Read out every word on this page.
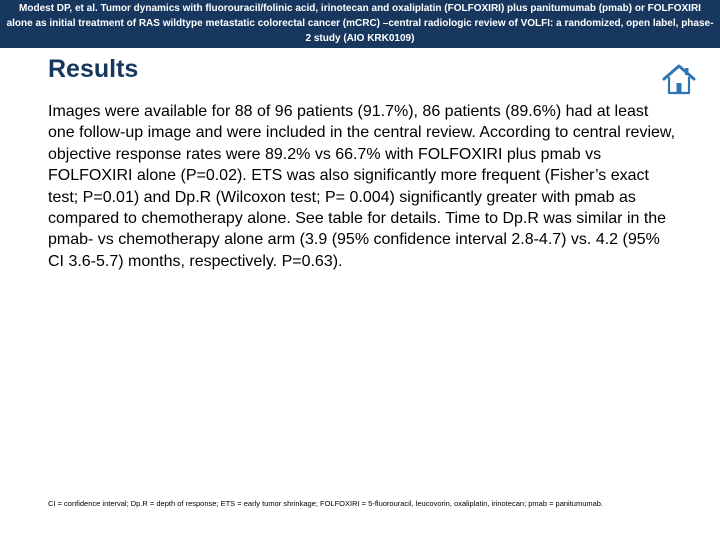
Modest DP, et al. Tumor dynamics with fluorouracil/folinic acid, irinotecan and oxaliplatin (FOLFOXIRI) plus panitumumab (pmab) or FOLFOXIRI alone as initial treatment of RAS wildtype metastatic colorectal cancer (mCRC) –central radiologic review of VOLFI: a randomized, open label, phase-2 study (AIO KRK0109)
Results

Images were available for 88 of 96 patients (91.7%), 86 patients (89.6%) had at least one follow-up image and were included in the central review. According to central review, objective response rates were 89.2% vs 66.7% with FOLFOXIRI plus pmab vs FOLFOXIRI alone (P=0.02). ETS was also significantly more frequent (Fisher’s exact test; P=0.01) and Dp.R (Wilcoxon test; P= 0.004) significantly greater with pmab as compared to chemotherapy alone. See table for details. Time to Dp.R was similar in the pmab- vs chemotherapy alone arm (3.9 (95% confidence interval 2.8-4.7) vs. 4.2 (95% CI 3.6-5.7) months, respectively. P=0.63).

CI = confidence interval; Dp.R = depth of response; ETS = early tumor shrinkage; FOLFOXIRI = 5-fluorouracil, leucovorin, oxaliplatin, irinotecan; pmab = panitumumab.
